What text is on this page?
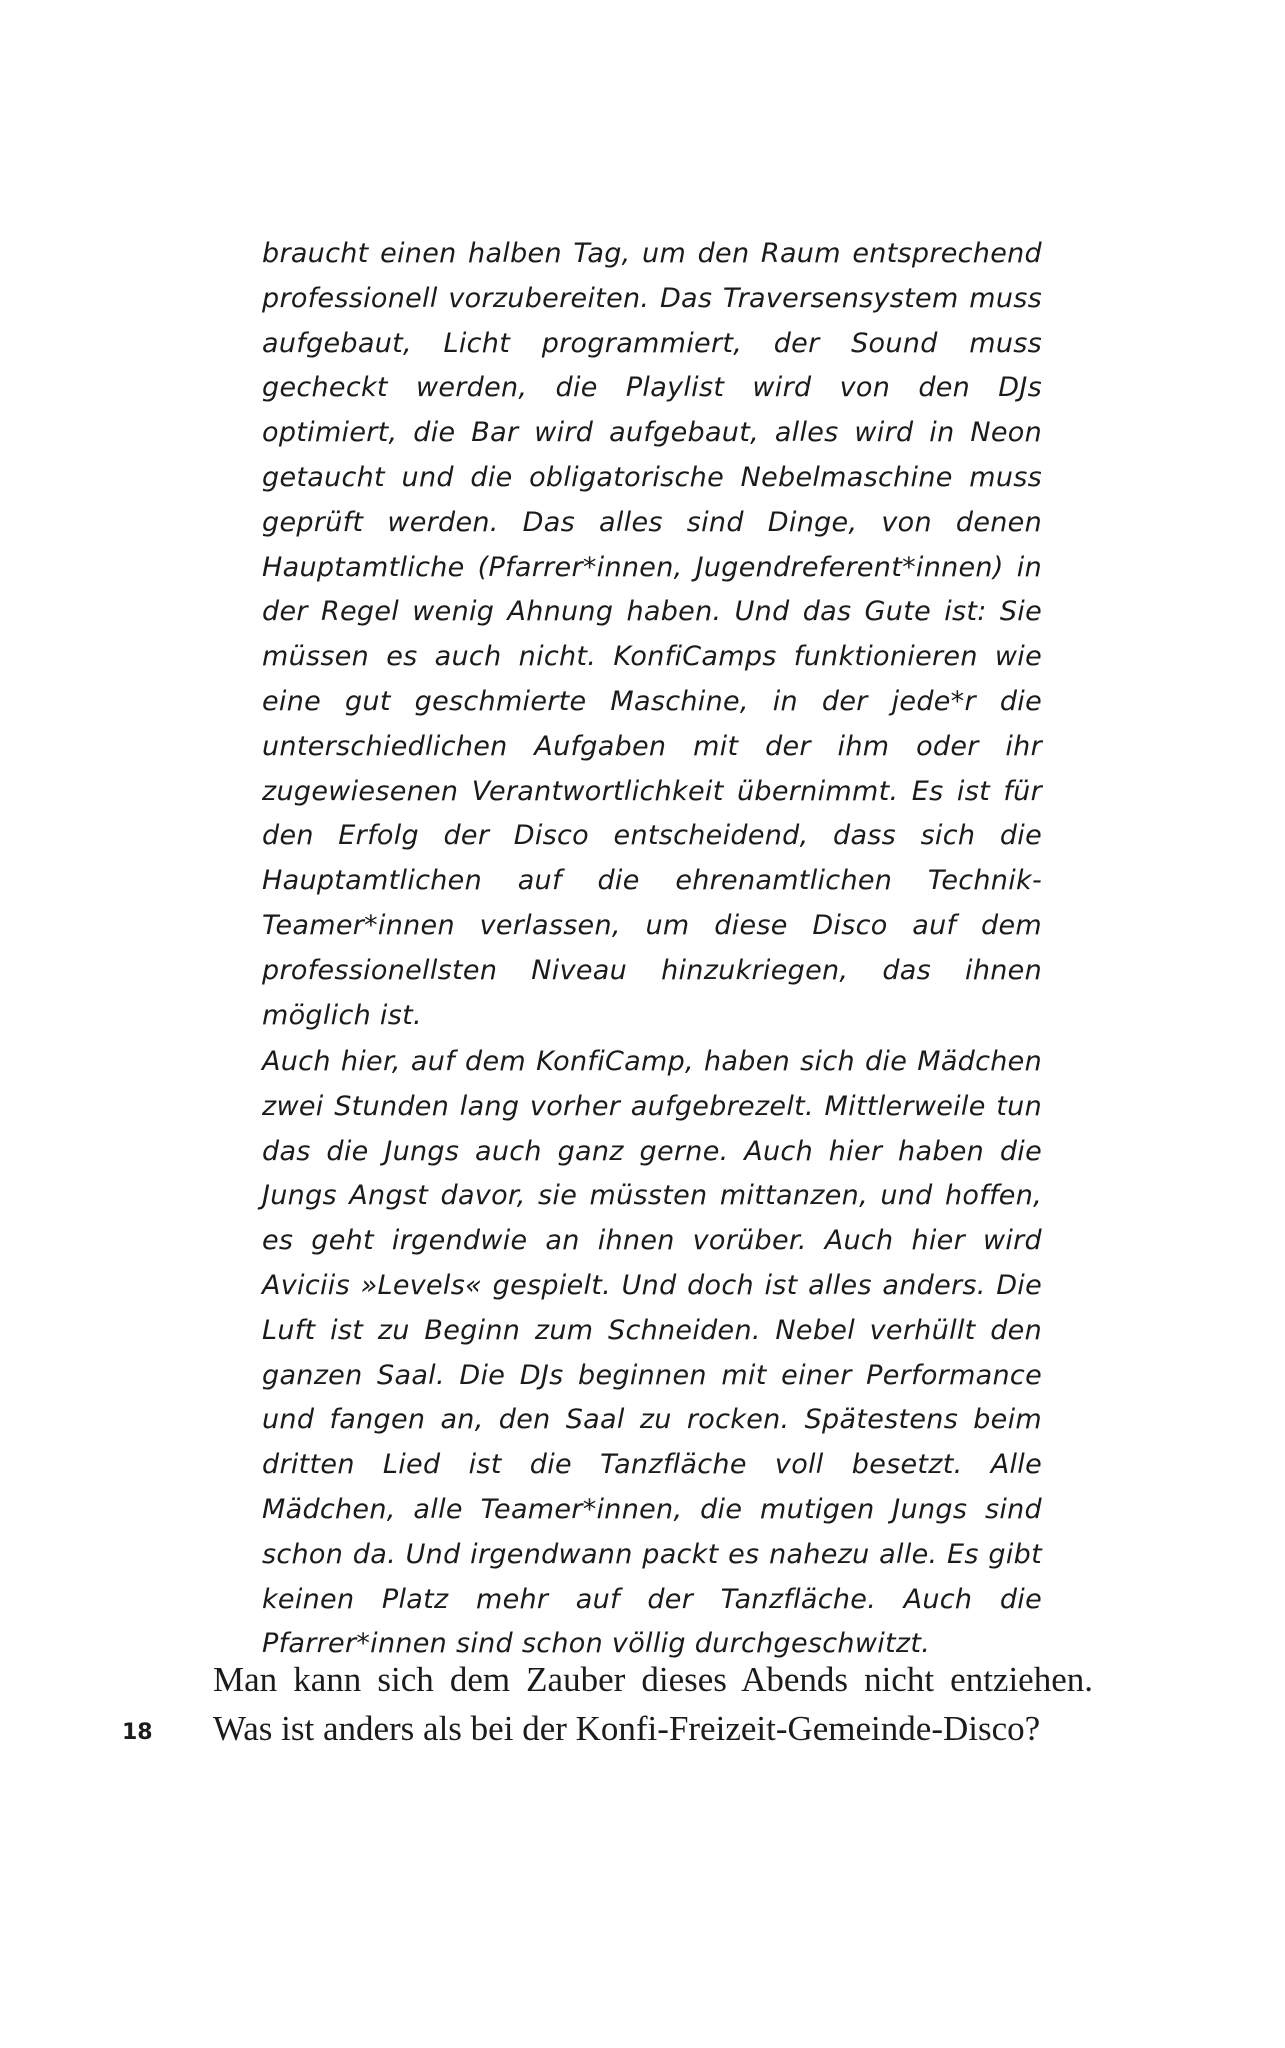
braucht einen halben Tag, um den Raum entsprechend professionell vorzubereiten. Das Traversensystem muss aufgebaut, Licht programmiert, der Sound muss gecheckt werden, die Playlist wird von den DJs optimiert, die Bar wird aufgebaut, alles wird in Neon getaucht und die obligatorische Nebelmaschine muss geprüft werden. Das alles sind Dinge, von denen Hauptamtliche (Pfarrer*innen, Jugendreferent*innen) in der Regel wenig Ahnung haben. Und das Gute ist: Sie müssen es auch nicht. KonfiCamps funktionieren wie eine gut geschmierte Maschine, in der jede*r die unterschiedlichen Aufgaben mit der ihm oder ihr zugewiesenen Verantwortlichkeit übernimmt. Es ist für den Erfolg der Disco entscheidend, dass sich die Hauptamtlichen auf die ehrenamtlichen Technik-Teamer*innen verlassen, um diese Disco auf dem professionellsten Niveau hinzukriegen, das ihnen möglich ist.

Auch hier, auf dem KonfiCamp, haben sich die Mädchen zwei Stunden lang vorher aufgebrezelt. Mittlerweile tun das die Jungs auch ganz gerne. Auch hier haben die Jungs Angst davor, sie müssten mittanzen, und hoffen, es geht irgendwie an ihnen vorüber. Auch hier wird Aviciis »Levels« gespielt. Und doch ist alles anders. Die Luft ist zu Beginn zum Schneiden. Nebel verhüllt den ganzen Saal. Die DJs beginnen mit einer Performance und fangen an, den Saal zu rocken. Spätestens beim dritten Lied ist die Tanzfläche voll besetzt. Alle Mädchen, alle Teamer*innen, die mutigen Jungs sind schon da. Und irgendwann packt es nahezu alle. Es gibt keinen Platz mehr auf der Tanzfläche. Auch die Pfarrer*innen sind schon völlig durchgeschwitzt.

Man kann sich dem Zauber dieses Abends nicht entziehen. Was ist anders als bei der Konfi-Freizeit-Gemeinde-Disco?

18
